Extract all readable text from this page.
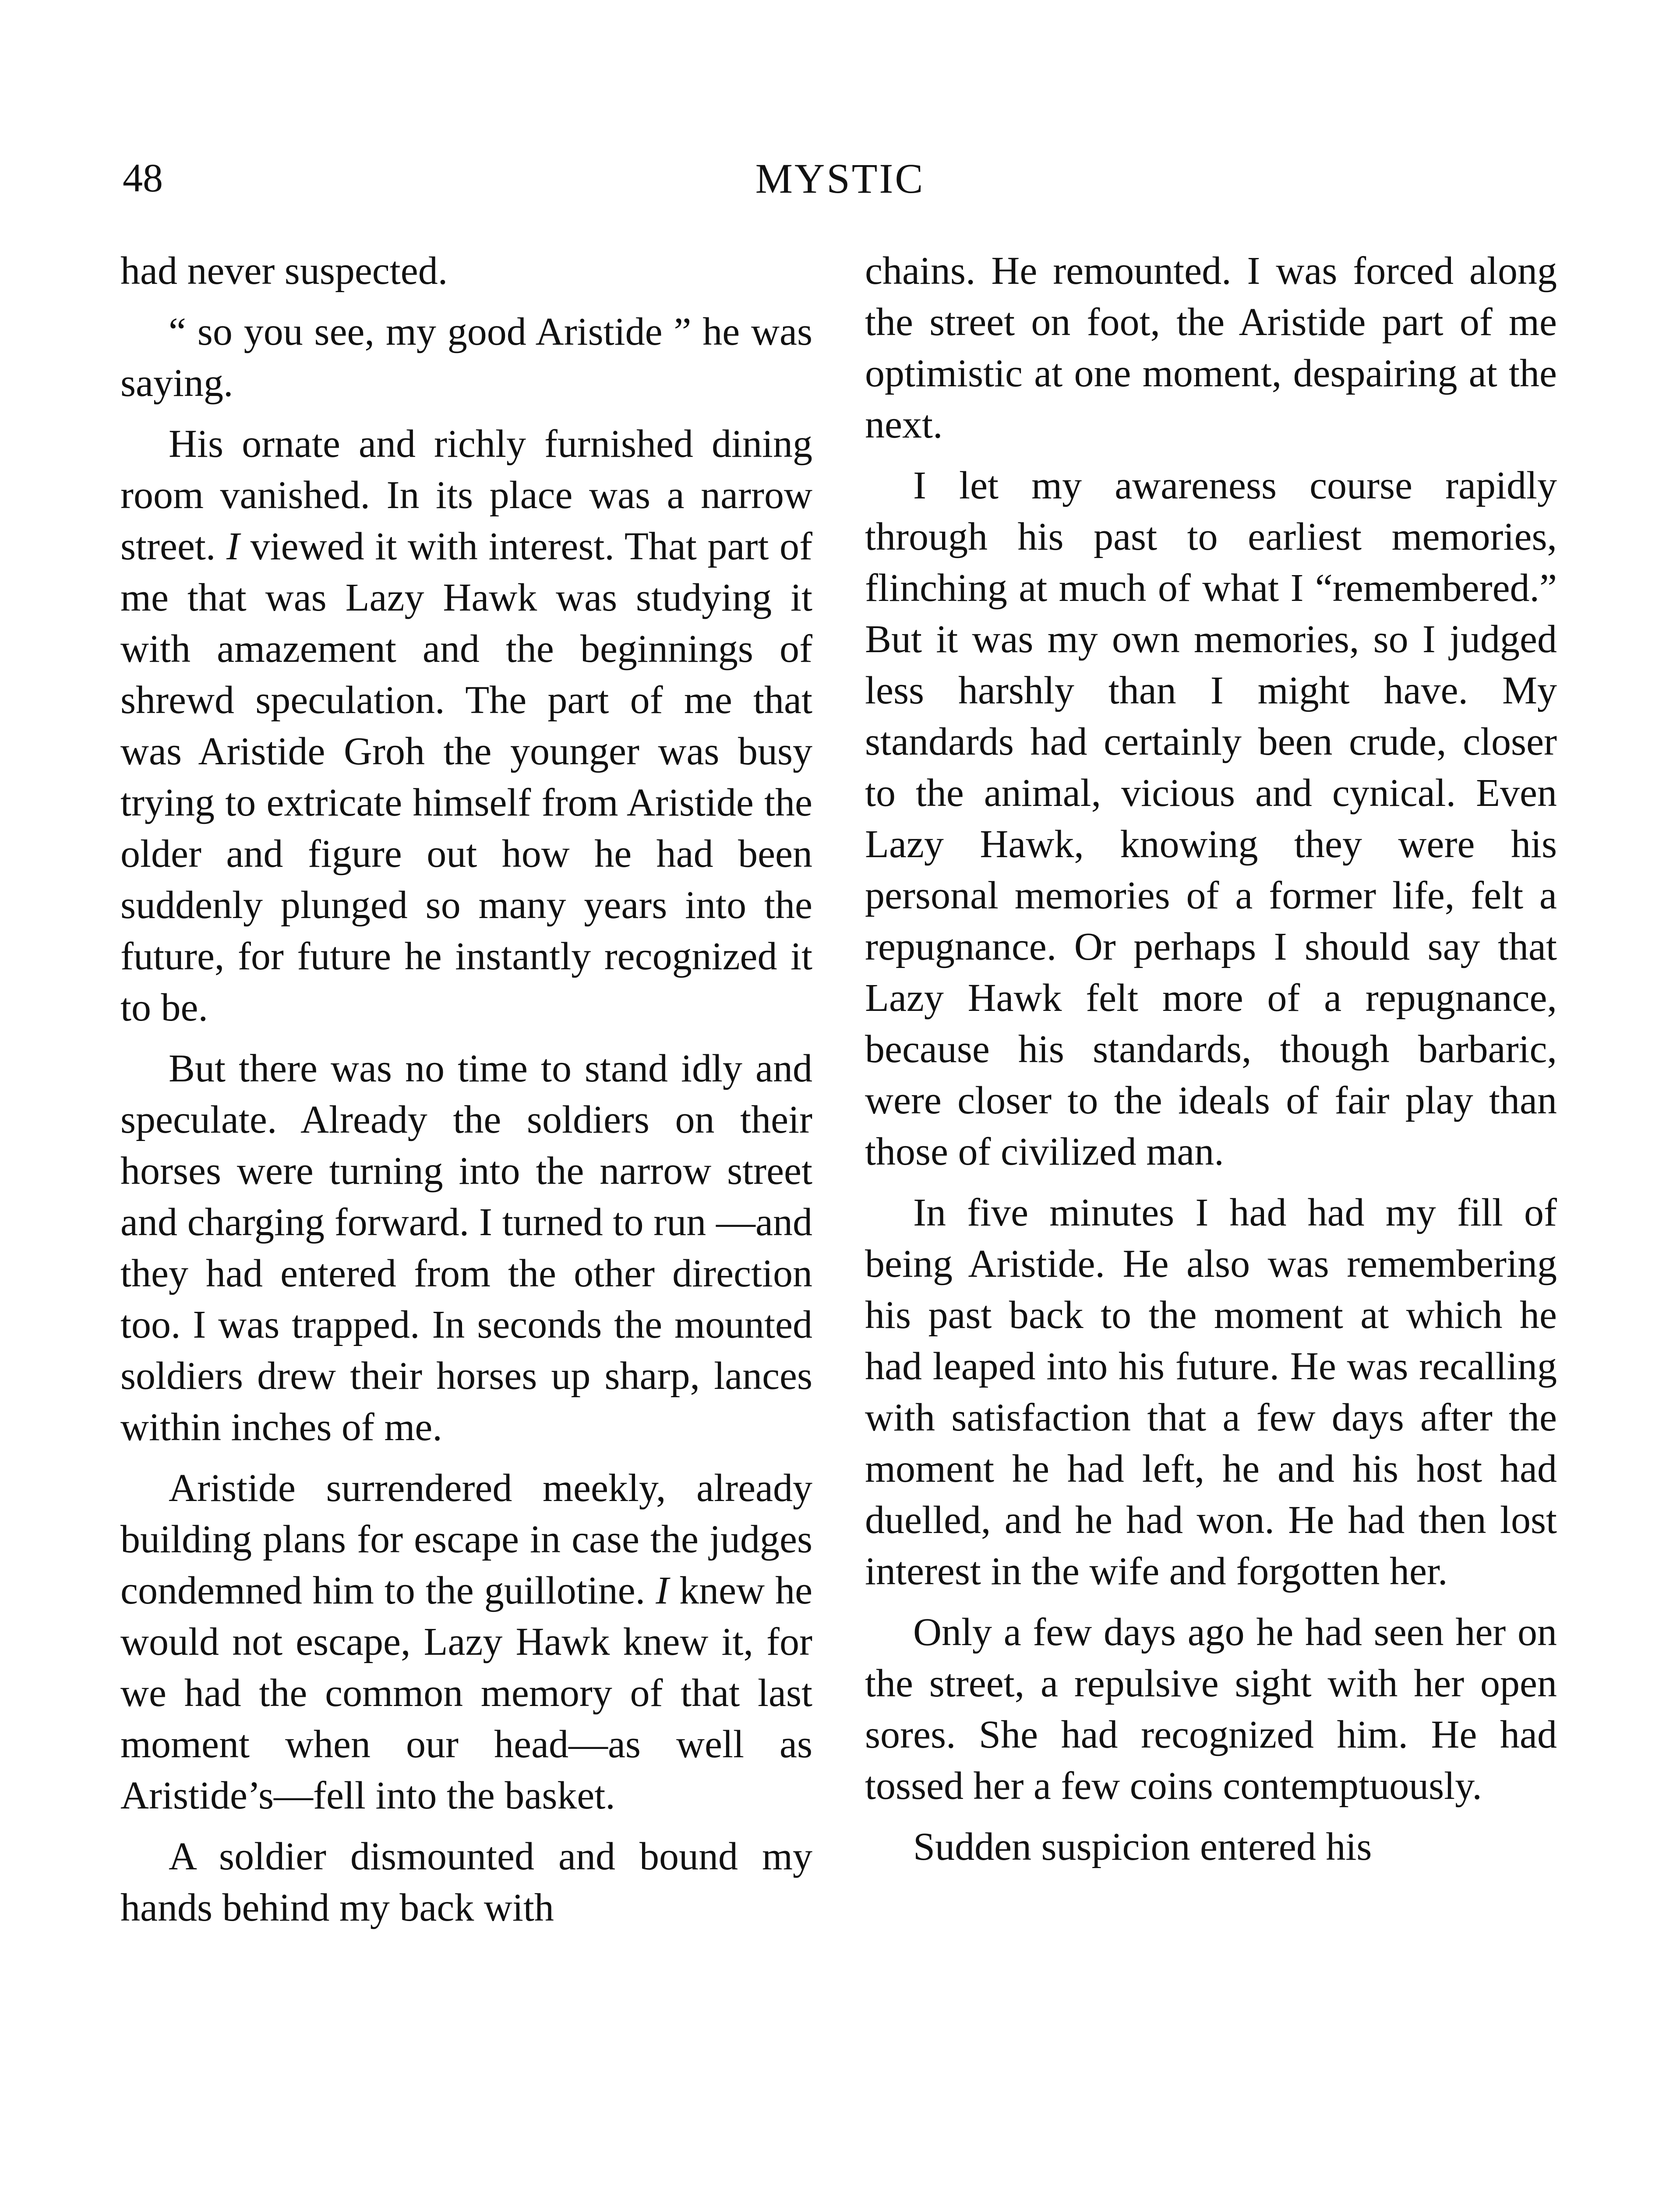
48	MYSTIC

had never suspected.

“ so you see, my good Aristide ” he was saying.

His ornate and richly furnished dining room vanished. In its place was a narrow street. I viewed it with interest. That part of me that was Lazy Hawk was studying it with amazement and the beginnings of shrewd speculation. The part of me that was Aristide Groh the younger was busy trying to extricate himself from Aristide the older and figure out how he had been suddenly plunged so many years into the future, for future he instantly recognized it to be.

But there was no time to stand idly and speculate. Already the soldiers on their horses were turning into the narrow street and charging forward. I turned to run —and they had entered from the other direction too. I was trapped. In seconds the mounted soldiers drew their horses up sharp, lances within inches of me.

Aristide surrendered meekly, already building plans for escape in case the judges condemned him to the guillotine. I knew he would not escape, Lazy Hawk knew it, for we had the common memory of that last moment when our head—as well as Aristide’s—fell into the basket.

A soldier dismounted and bound my hands behind my back with

chains. He remounted. I was forced along the street on foot, the Aristide part of me optimistic at one moment, despairing at the next.

I let my awareness course rapidly through his past to earliest memories, flinching at much of what I “remembered.” But it was my own memories, so I judged less harshly than I might have. My standards had certainly been crude, closer to the animal, vicious and cynical. Even Lazy Hawk, knowing they were his personal memories of a former life, felt a repugnance. Or perhaps I should say that Lazy Hawk felt more of a repugnance, because his standards, though barbaric, were closer to the ideals of fair play than those of civilized man.

In five minutes I had had my fill of being Aristide. He also was remembering his past back to the moment at which he had leaped into his future. He was recalling with satisfaction that a few days after the moment he had left, he and his host had duelled, and he had won. He had then lost interest in the wife and forgotten her.

Only a few days ago he had seen her on the street, a repulsive sight with her open sores. She had recognized him. He had tossed her a few coins contemptuously.

Sudden suspicion entered his
